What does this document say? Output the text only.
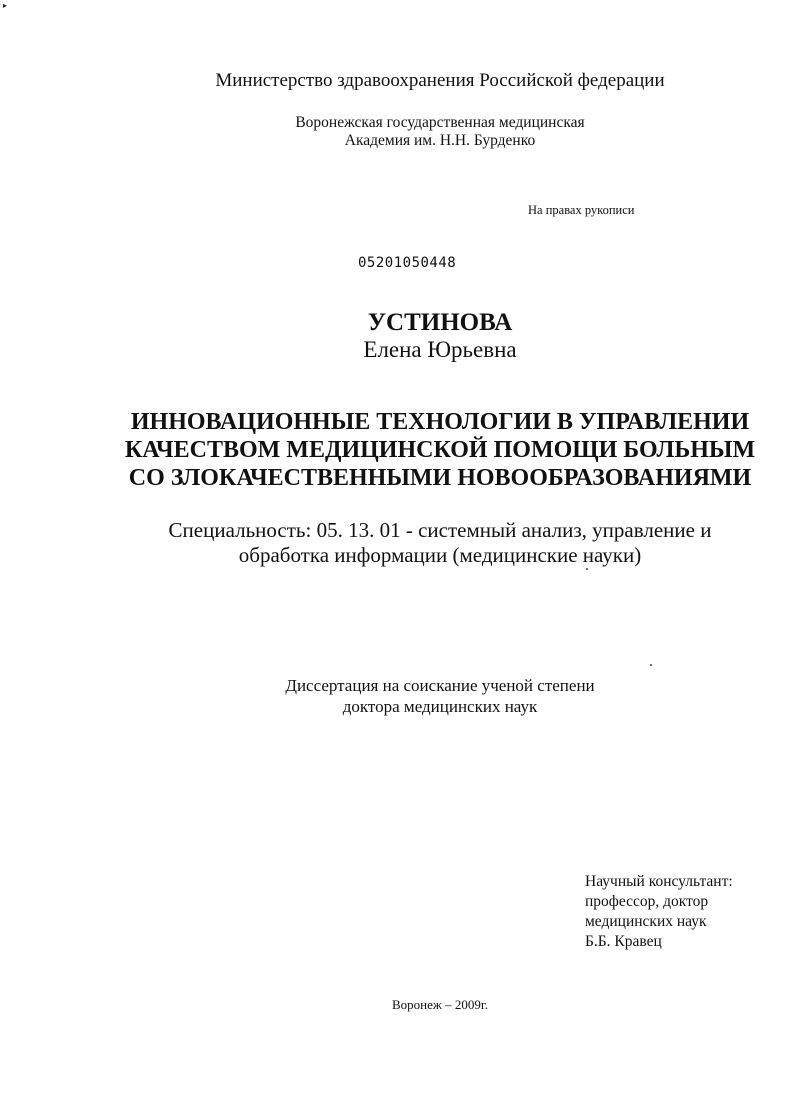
▸
Министерство здравоохранения Российской федерации
Воронежская государственная медицинская
Академия им. Н.Н. Бурденко
На правах рукописи
05201050448
УСТИНОВА
Елена Юрьевна
ИННОВАЦИОННЫЕ ТЕХНОЛОГИИ В УПРАВЛЕНИИ
КАЧЕСТВОМ МЕДИЦИНСКОЙ ПОМОЩИ БОЛЬНЫМ
СО ЗЛОКАЧЕСТВЕННЫМИ НОВООБРАЗОВАНИЯМИ
Специальность: 05. 13. 01 - системный анализ, управление и
обработка информации (медицинские науки)
Диссертация на соискание ученой степени
доктора медицинских наук
Научный консультант:
профессор, доктор
медицинских наук
Б.Б. Кравец
Воронеж – 2009г.
